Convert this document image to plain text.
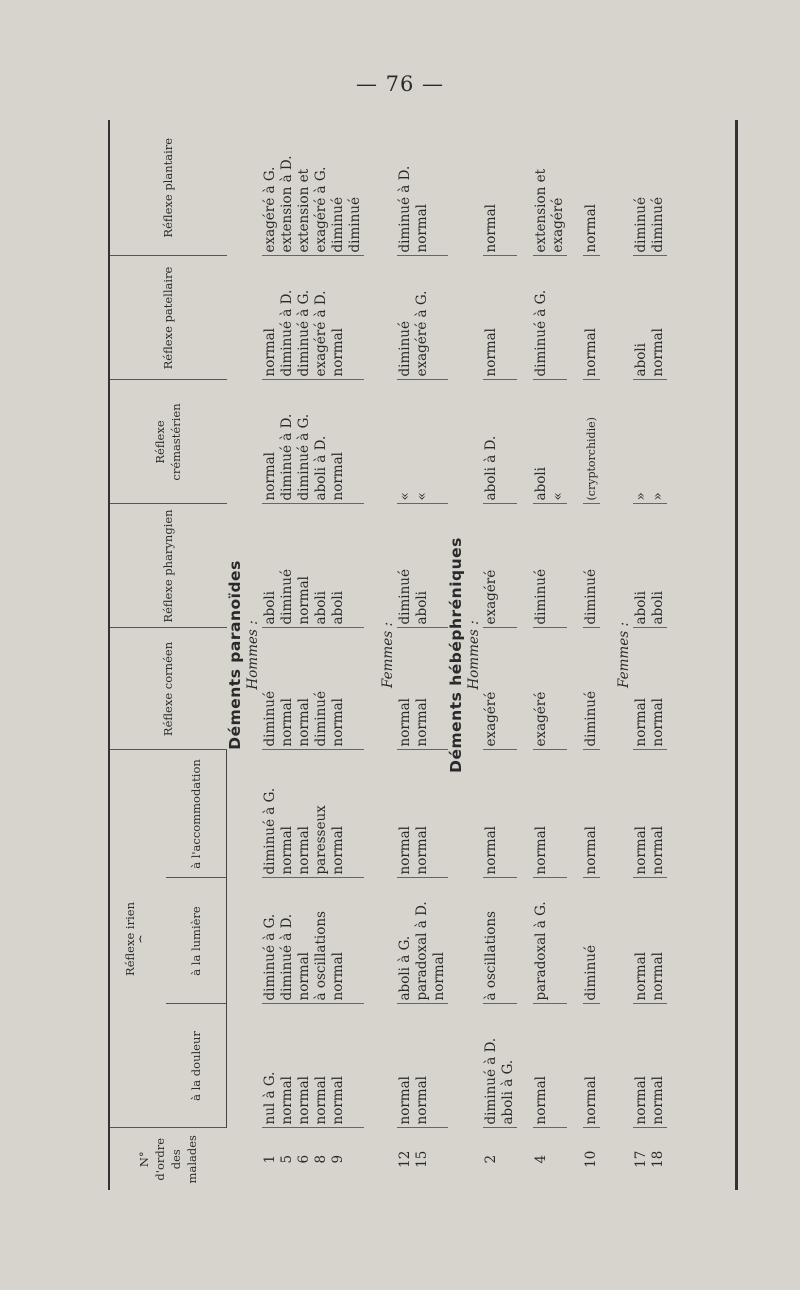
— 76 —
N° d'ordre des malades	Réflexe irien ⏞			Réflexe cornéen	Réflexe pharyngien	Réflexe crémastérien	Réflexe patellaire	Réflexe plantaire
	à la douleur	à la lumière	à l'accommodation					
Déments paranoïdes								
Hommes :								
1	nul à G.	diminué à G.	diminué à G.	diminué	aboli	normal	normal	exagéré à G.
5	normal	diminué à D.	normal	normal	diminué	diminué à D.	diminué à D.	extension à D.
6	normal	normal	normal	normal	normal	diminué à G.	diminué à G.	extension et
8	normal	à oscillations	paresseux	diminué	aboli	aboli à D.	exagéré à D.	exagéré à G.
9	normal	normal	normal	normal	aboli	normal	normal	diminué
								diminué

Femmes :								
12	normal	aboli à G.	normal	normal	diminué	«	diminué	diminué à D.
15	normal	paradoxal à D.	normal	normal	aboli	«	exagéré à G.	normal
		normal						
Déments hébéphréniques								
Hommes :								
2	diminué à D.	à oscillations	normal	exagéré	exagéré	aboli à D.	normal	normal
	aboli à G.							

4	normal	paradoxal à G.	normal	exagéré	diminué	aboli	diminué à G.	extension et
						«		exagéré

10	normal	diminué	normal	diminué	diminué	(cryptorchidie)	normal	normal

Femmes :								
17	normal	normal	normal	normal	aboli	»	aboli	diminué
18	normal	normal	normal	normal	aboli	»	normal	diminué
